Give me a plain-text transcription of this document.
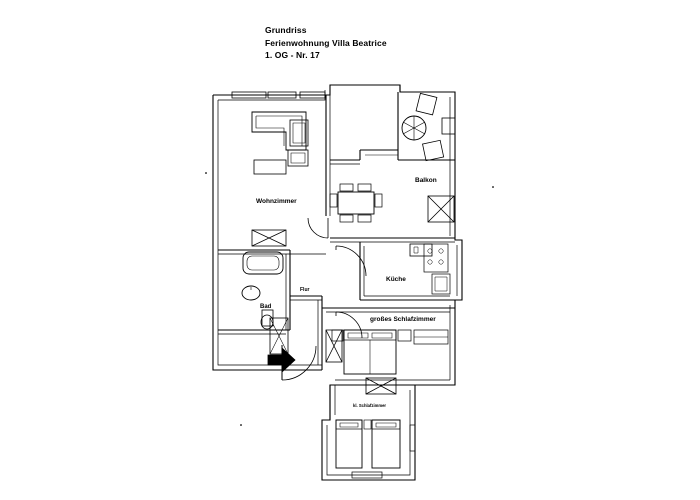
Grundriss
Ferienwohnung Villa Beatrice
1. OG - Nr. 17
Wohnzimmer
Balkon
Küche
Flur
Bad
großes Schlafzimmer
kl. Schlafzimmer
